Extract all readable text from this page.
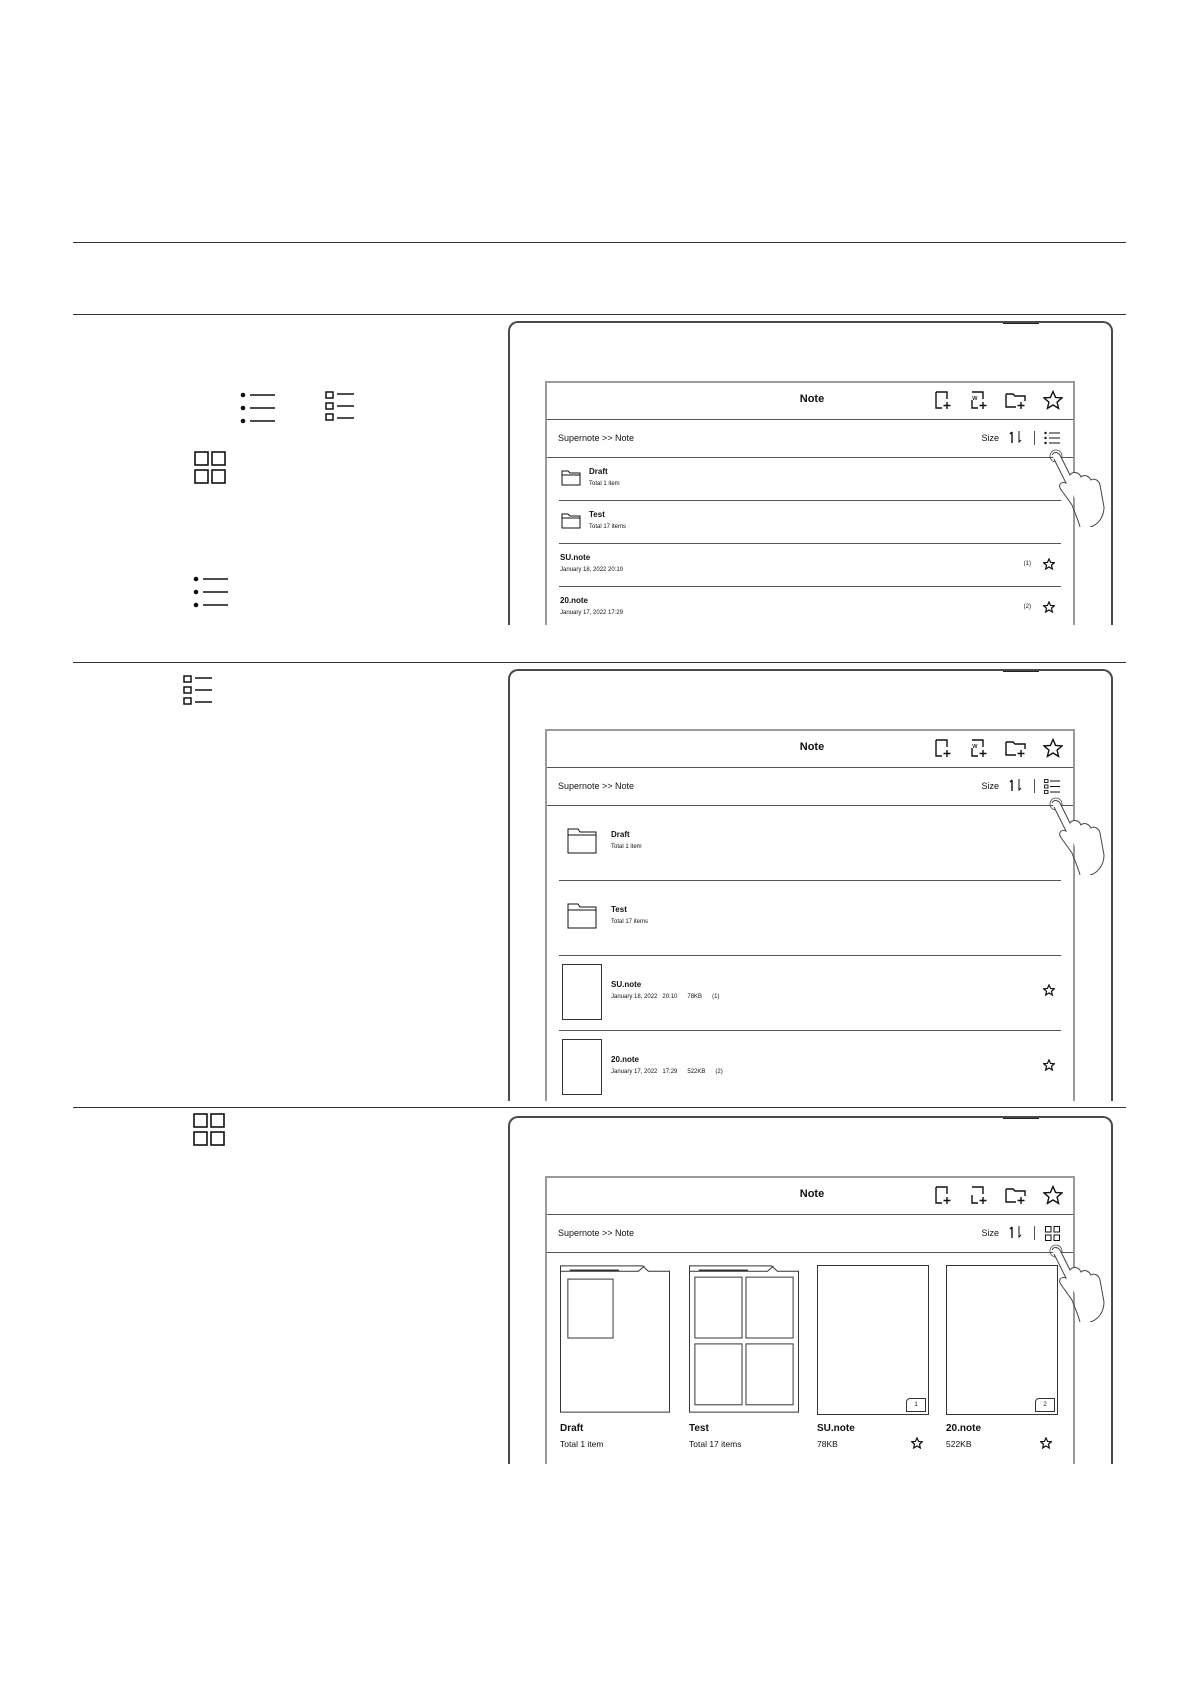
Note	w
Supernote >> Note	Size
Draft
Total 1 item
Test
Total 17 items
SU.note
January 18, 2022 20:10
(1)
20.note
January 17, 2022 17:29
(2)
Note	w
Supernote >> Note	Size
Draft
Total 1 item
Test
Total 17 items
SU.note
January 18, 2022   20:10      78KB      (1)
20.note
January 17, 2022   17:29      522KB      (2)
Note
Supernote >> Note	Size
Draft
Total 1 item
Test
Total 17 items
1
SU.note
78KB
2
20.note
522KB
